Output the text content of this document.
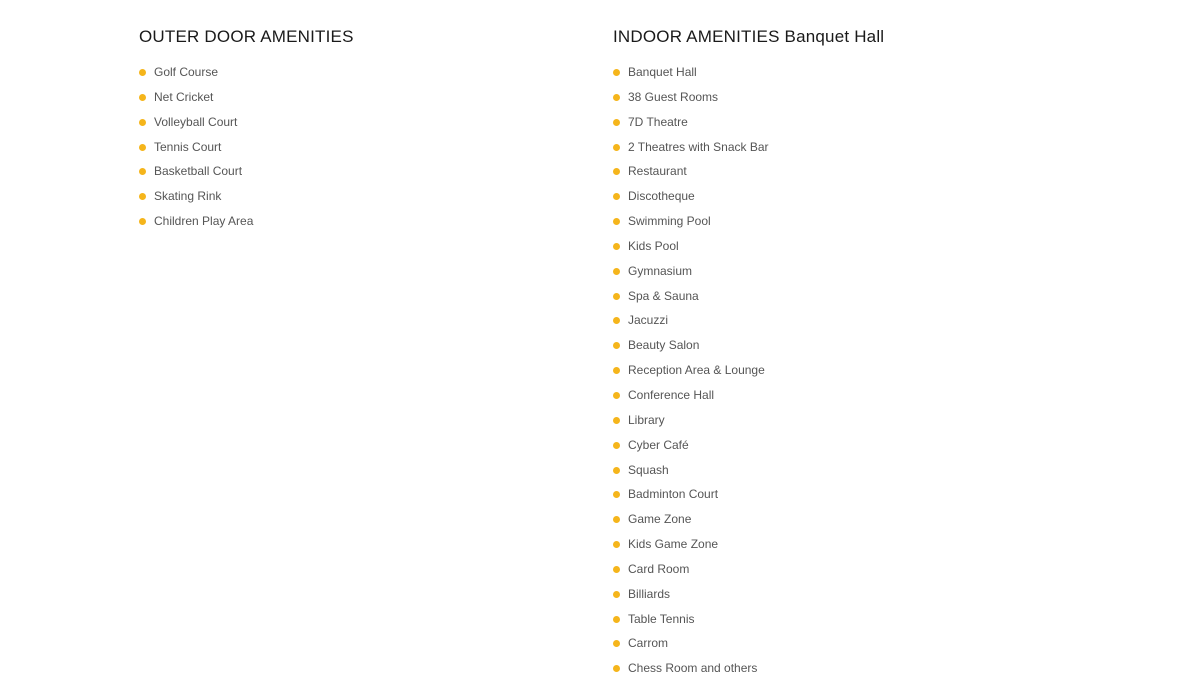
OUTER DOOR AMENITIES
Golf Course
Net Cricket
Volleyball Court
Tennis Court
Basketball Court
Skating Rink
Children Play Area
INDOOR AMENITIES Banquet Hall
Banquet Hall
38 Guest Rooms
7D Theatre
2 Theatres with Snack Bar
Restaurant
Discotheque
Swimming Pool
Kids Pool
Gymnasium
Spa & Sauna
Jacuzzi
Beauty Salon
Reception Area & Lounge
Conference Hall
Library
Cyber Café
Squash
Badminton Court
Game Zone
Kids Game Zone
Card Room
Billiards
Table Tennis
Carrom
Chess Room and others
